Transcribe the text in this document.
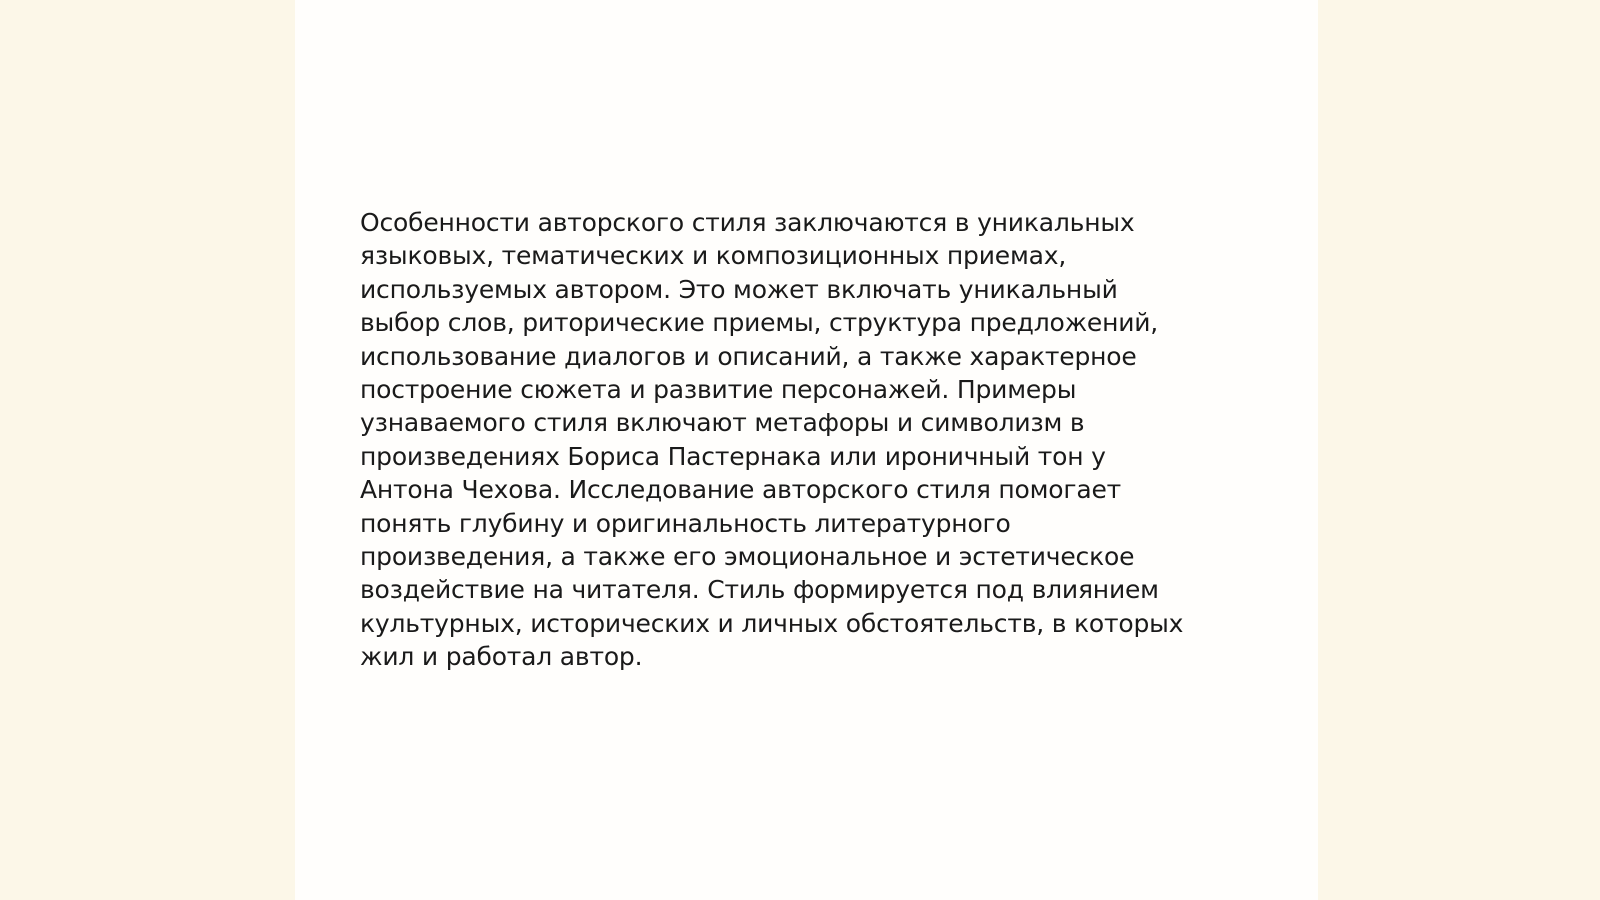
Особенности авторского стиля заключаются в уникальных
языковых, тематических и композиционных приемах,
используемых автором. Это может включать уникальный
выбор слов, риторические приемы, структура предложений,
использование диалогов и описаний, а также характерное
построение сюжета и развитие персонажей. Примеры
узнаваемого стиля включают метафоры и символизм в
произведениях Бориса Пастернака или ироничный тон у
Антона Чехова. Исследование авторского стиля помогает
понять глубину и оригинальность литературного
произведения, а также его эмоциональное и эстетическое
воздействие на читателя. Стиль формируется под влиянием
культурных, исторических и личных обстоятельств, в которых
жил и работал автор.
